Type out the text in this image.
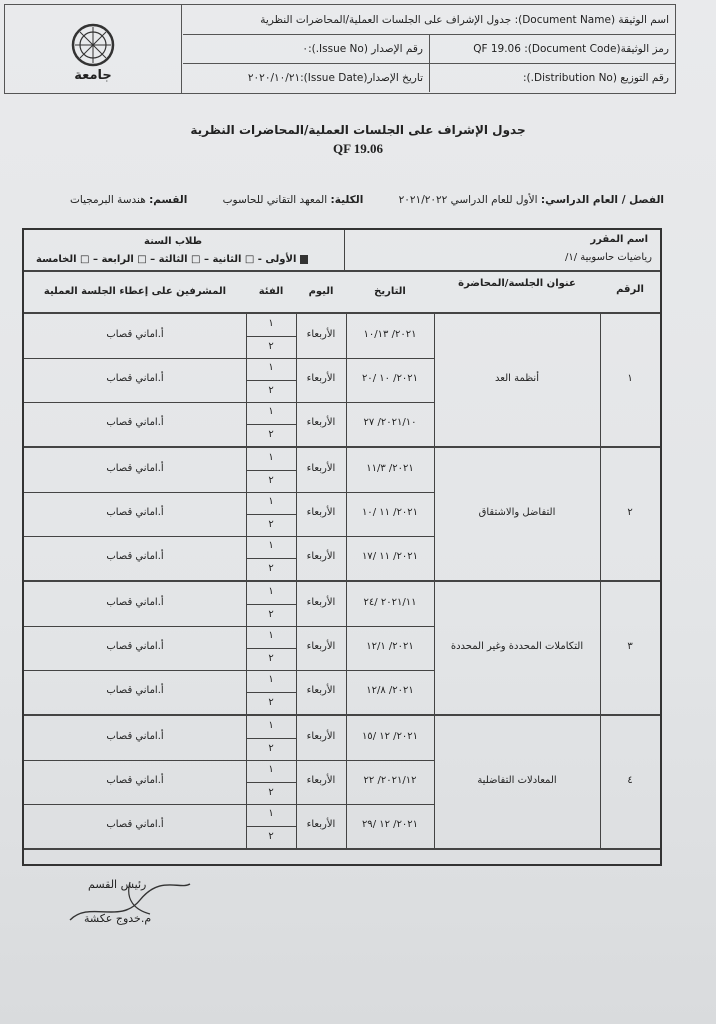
جامعة
اسم الوثيقة (Document Name): جدول الإشراف على الجلسات العملية/المحاضرات النظرية
رمز الوثيقة(Document Code): QF 19.06
رقم الإصدار (Issue No.):٠
رقم التوزيع (Distribution No.):
تاريخ الإصدار(Issue Date):٢٠٢٠/١٠/٢١
جدول الإشراف على الجلسات العملية/المحاضرات النظرية
QF 19.06
الفصل / العام الدراسي: الأول للعام الدراسي ٢٠٢١/٢٠٢٢ الكلية: المعهد التقاني للحاسوب القسم: هندسة البرمجيات
اسم المقرر
رياضيات حاسوبية /١/
طلاب السنة
الأولى - □ الثانية – □ الثالثة – □ الرابعة – □ الخامسة
الرقم
عنوان الجلسة/المحاضرة
التاريخ
اليوم
الفئة
المشرفين على إعطاء الجلسة العملية
١
أنظمة العد
٢٠٢١/ ١٠/١٣
الأربعاء
١
٢
أ.اماني قصاب
٢٠٢١/ ١٠ /٢٠
الأربعاء
١
٢
أ.اماني قصاب
٢٠٢١/١٠/ ٢٧
الأربعاء
١
٢
أ.اماني قصاب
٢
التفاضل والاشتقاق
٢٠٢١/ ١١/٣
الأربعاء
١
٢
أ.اماني قصاب
٢٠٢١/ ١١ /١٠
الأربعاء
١
٢
أ.اماني قصاب
٢٠٢١/ ١١ /١٧
الأربعاء
١
٢
أ.اماني قصاب
٣
التكاملات المحددة وغير المحددة
٢٠٢١/١١ /٢٤
الأربعاء
١
٢
أ.اماني قصاب
٢٠٢١/ ١٢/١
الأربعاء
١
٢
أ.اماني قصاب
٢٠٢١/ ١٢/٨
الأربعاء
١
٢
أ.اماني قصاب
٤
المعادلات التفاضلية
٢٠٢١/ ١٢ /١٥
الأربعاء
١
٢
أ.اماني قصاب
٢٠٢١/١٢/ ٢٢
الأربعاء
١
٢
أ.اماني قصاب
٢٠٢١/ ١٢ /٢٩
الأربعاء
١
٢
أ.اماني قصاب
رئيس القسم
م.خدوج عكشة
